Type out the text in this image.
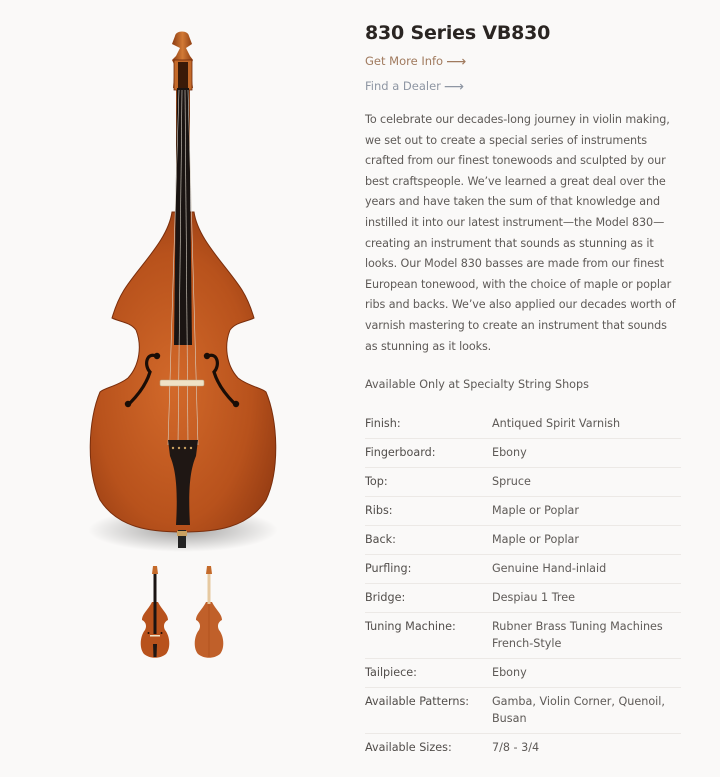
830 Series VB830
Get More Info ⟶
Find a Dealer ⟶

To celebrate our decades-long journey in violin making, we set out to create a special series of instruments crafted from our finest tonewoods and sculpted by our best craftspeople. We’ve learned a great deal over the years and have taken the sum of that knowledge and instilled it into our latest instrument—the Model 830—creating an instrument that sounds as stunning as it looks. Our Model 830 basses are made from our finest European tonewood, with the choice of maple or poplar ribs and backs. We’ve also applied our decades worth of varnish mastering to create an instrument that sounds as stunning as it looks.

Available Only at Specialty String Shops
Finish:	Antiqued Spirit Varnish
Fingerboard:	Ebony
Top:	Spruce
Ribs:	Maple or Poplar
Back:	Maple or Poplar
Purfling:	Genuine Hand-inlaid
Bridge:	Despiau 1 Tree
Tuning Machine:	Rubner Brass Tuning Machines French-Style
Tailpiece:	Ebony
Available Patterns:	Gamba, Violin Corner, Quenoil, Busan
Available Sizes:	7/8 - 3/4
